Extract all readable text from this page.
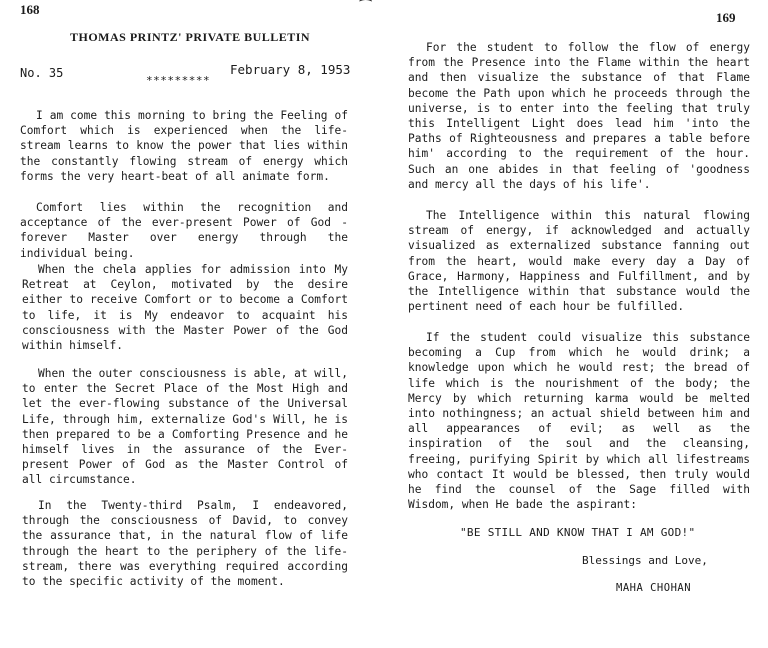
168	⁀
THOMAS PRINTZ' PRIVATE BULLETIN
No. 35	February 8, 1953
*********

I am come this morning to bring the Feeling of Comfort which is experienced when the life-stream learns to know the power that lies within the constantly flowing stream of energy which forms the very heart-beat of all animate form.

Comfort lies within the recognition and acceptance of the ever-present Power of God - forever Master over energy through the individual being.

When the chela applies for admission into My Retreat at Ceylon, motivated by the desire either to receive Comfort or to become a Comfort to life, it is My endeavor to acquaint his consciousness with the Master Power of the God within himself.

When the outer consciousness is able, at will, to enter the Secret Place of the Most High and let the ever-flowing substance of the Universal Life, through him, externalize God's Will, he is then prepared to be a Comforting Presence and he himself lives in the assurance of the Ever-present Power of God as the Master Control of all circumstance.

In the Twenty-third Psalm, I endeavored, through the consciousness of David, to convey the assurance that, in the natural flow of life through the heart to the periphery of the life-stream, there was everything required according to the specific activity of the moment.

169

For the student to follow the flow of energy from the Presence into the Flame within the heart and then visualize the substance of that Flame become the Path upon which he proceeds through the universe, is to enter into the feeling that truly this Intelligent Light does lead him 'into the Paths of Righteousness and prepares a table before him' according to the requirement of the hour. Such an one abides in that feeling of 'goodness and mercy all the days of his life'.

The Intelligence within this natural flowing stream of energy, if acknowledged and actually visualized as externalized substance fanning out from the heart, would make every day a Day of Grace, Harmony, Happiness and Fulfillment, and by the Intelligence within that substance would the pertinent need of each hour be fulfilled.

If the student could visualize this substance becoming a Cup from which he would drink; a knowledge upon which he would rest; the bread of life which is the nourishment of the body; the Mercy by which returning karma would be melted into nothingness; an actual shield between him and all appearances of evil; as well as the inspiration of the soul and the cleansing, freeing, purifying Spirit by which all lifestreams who contact It would be blessed, then truly would he find the counsel of the Sage filled with Wisdom, when He bade the aspirant:

"BE STILL AND KNOW THAT I AM GOD!"
Blessings and Love,
MAHA CHOHAN
